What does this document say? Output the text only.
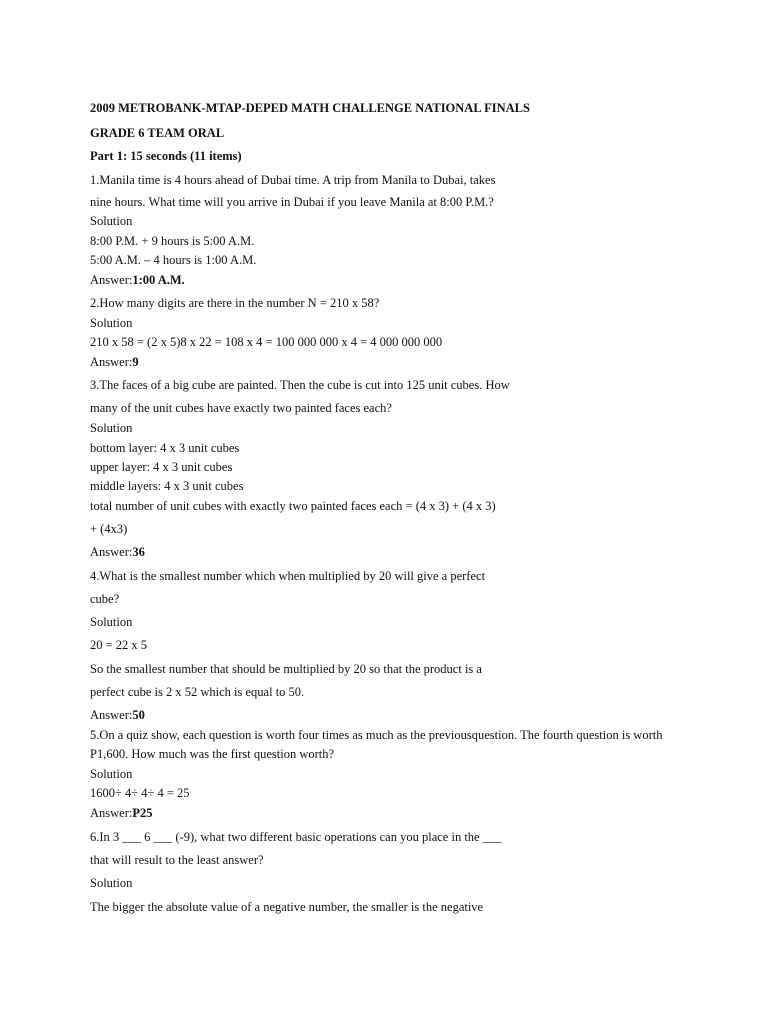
2009 METROBANK-MTAP-DEPED MATH CHALLENGE NATIONAL FINALS

GRADE 6 TEAM ORAL

Part 1: 15 seconds (11 items)

1.Manila time is 4 hours ahead of Dubai time. A trip from Manila to Dubai, takes

nine hours. What time will you arrive in Dubai if you leave Manila at 8:00 P.M.?

Solution

8:00 P.M. + 9 hours is 5:00 A.M.

5:00 A.M. – 4 hours is 1:00 A.M.

Answer:1:00 A.M.

2.How many digits are there in the number N = 210 x 58?

Solution

210 x 58 = (2 x 5)8 x 22 = 108 x 4 = 100 000 000 x 4 = 4 000 000 000

Answer:9

3.The faces of a big cube are painted. Then the cube is cut into 125 unit cubes. How

many of the unit cubes have exactly two painted faces each?

Solution

bottom layer: 4 x 3 unit cubes

upper layer: 4 x 3 unit cubes

middle layers: 4 x 3 unit cubes

total number of unit cubes with exactly two painted faces each = (4 x 3) + (4 x 3)

+ (4x3)

Answer:36

4.What is the smallest number which when multiplied by 20 will give a perfect

cube?

Solution

20 = 22 x 5

So the smallest number that should be multiplied by 20 so that the product is a

perfect cube is 2 x 52 which is equal to 50.

Answer:50

5.On a quiz show, each question is worth four times as much as the previousquestion. The fourth question is worth

P1,600. How much was the first question worth?

Solution

1600÷ 4÷ 4÷ 4 = 25

Answer:P25

6.In 3 ___ 6 ___ (-9), what two different basic operations can you place in the ___

that will result to the least answer?

Solution

The bigger the absolute value of a negative number, the smaller is the negative
